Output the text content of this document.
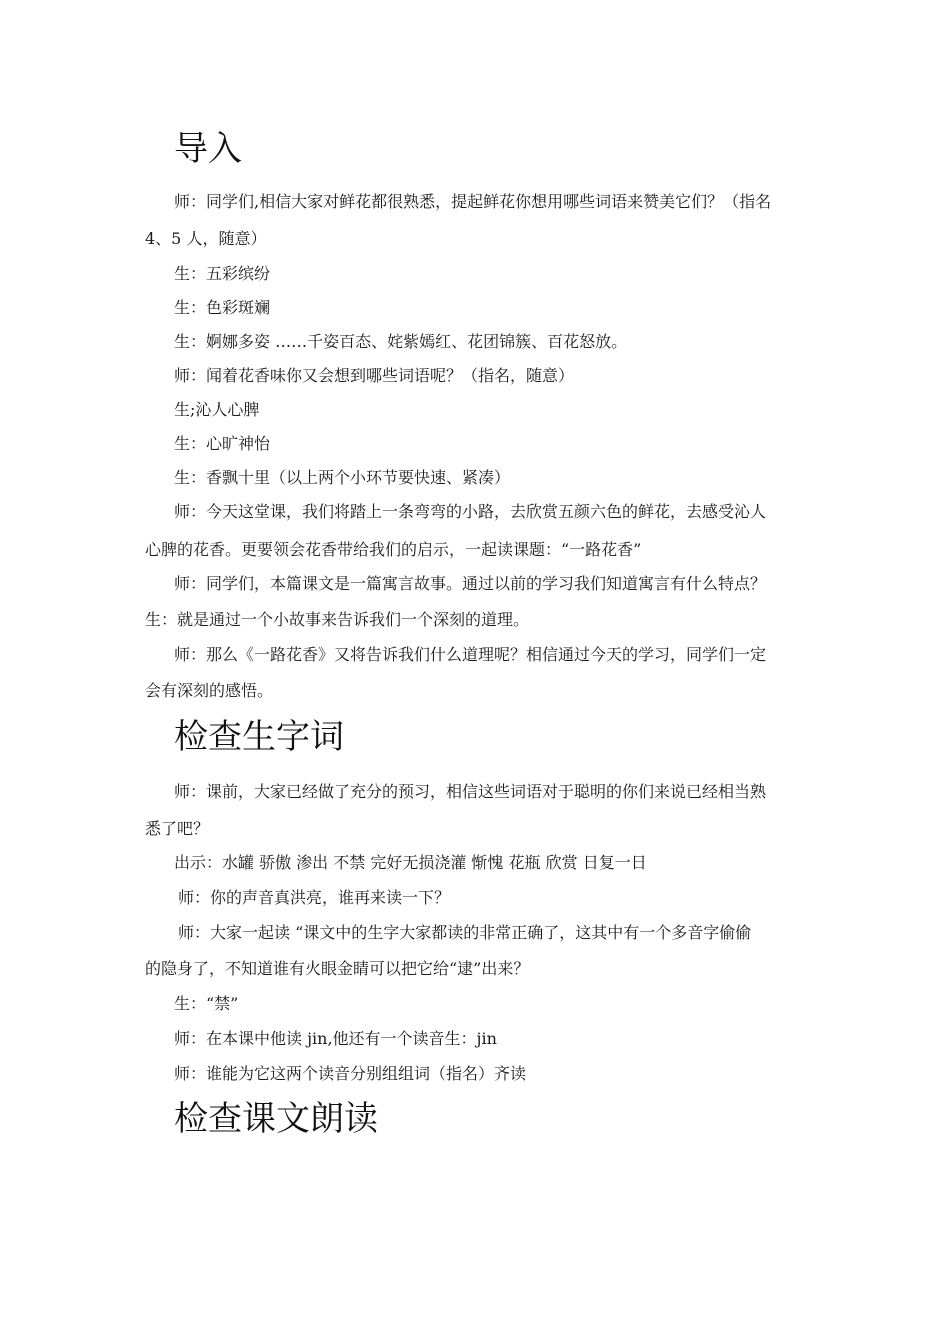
导入
师：同学们,相信大家对鲜花都很熟悉，提起鲜花你想用哪些词语来赞美它们？（指名
4、5 人，随意）
生：五彩缤纷
生：色彩斑斓
生：婀娜多姿 ……千姿百态、姹紫嫣红、花团锦簇、百花怒放。
师：闻着花香味你又会想到哪些词语呢？（指名，随意）
生;沁人心脾
生：心旷神怡
生：香飘十里（以上两个小环节要快速、紧凑）
师：今天这堂课，我们将踏上一条弯弯的小路，去欣赏五颜六色的鲜花，去感受沁人
心脾的花香。更要领会花香带给我们的启示，一起读课题：“一路花香”
师：同学们，本篇课文是一篇寓言故事。通过以前的学习我们知道寓言有什么特点？
生：就是通过一个小故事来告诉我们一个深刻的道理。
师：那么《一路花香》又将告诉我们什么道理呢？相信通过今天的学习，同学们一定
会有深刻的感悟。
检查生字词
师：课前，大家已经做了充分的预习，相信这些词语对于聪明的你们来说已经相当熟
悉了吧？
出示：水罐 骄傲 渗出 不禁 完好无损浇灌 惭愧 花瓶 欣赏 日复一日
师：你的声音真洪亮，谁再来读一下？
师：大家一起读 “课文中的生字大家都读的非常正确了，这其中有一个多音字偷偷
的隐身了，不知道谁有火眼金睛可以把它给“逮”出来？
生：“禁”
师：在本课中他读 jin,他还有一个读音生：jin
师：谁能为它这两个读音分别组组词（指名）齐读
检查课文朗读
